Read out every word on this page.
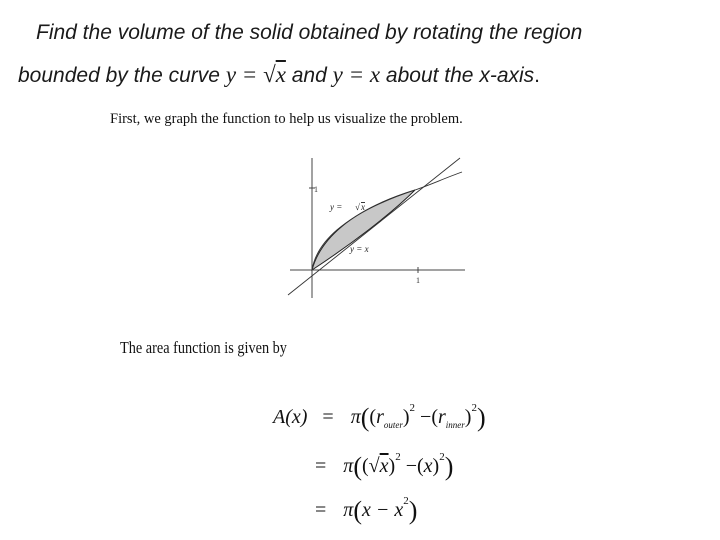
Find the volume of the solid obtained by rotating the region
bounded by the curve y = √x and y = x about the x-axis.
First, we graph the function to help us visualize the problem.
1
1
y = √ x
y = x
The area function is given by
$A(x) = \pi((r_{outer})^2 -(r_{inner})^2)$
= $\pi((√x)^2 -(x)^2)$
= $\pi(x - x^2)$
